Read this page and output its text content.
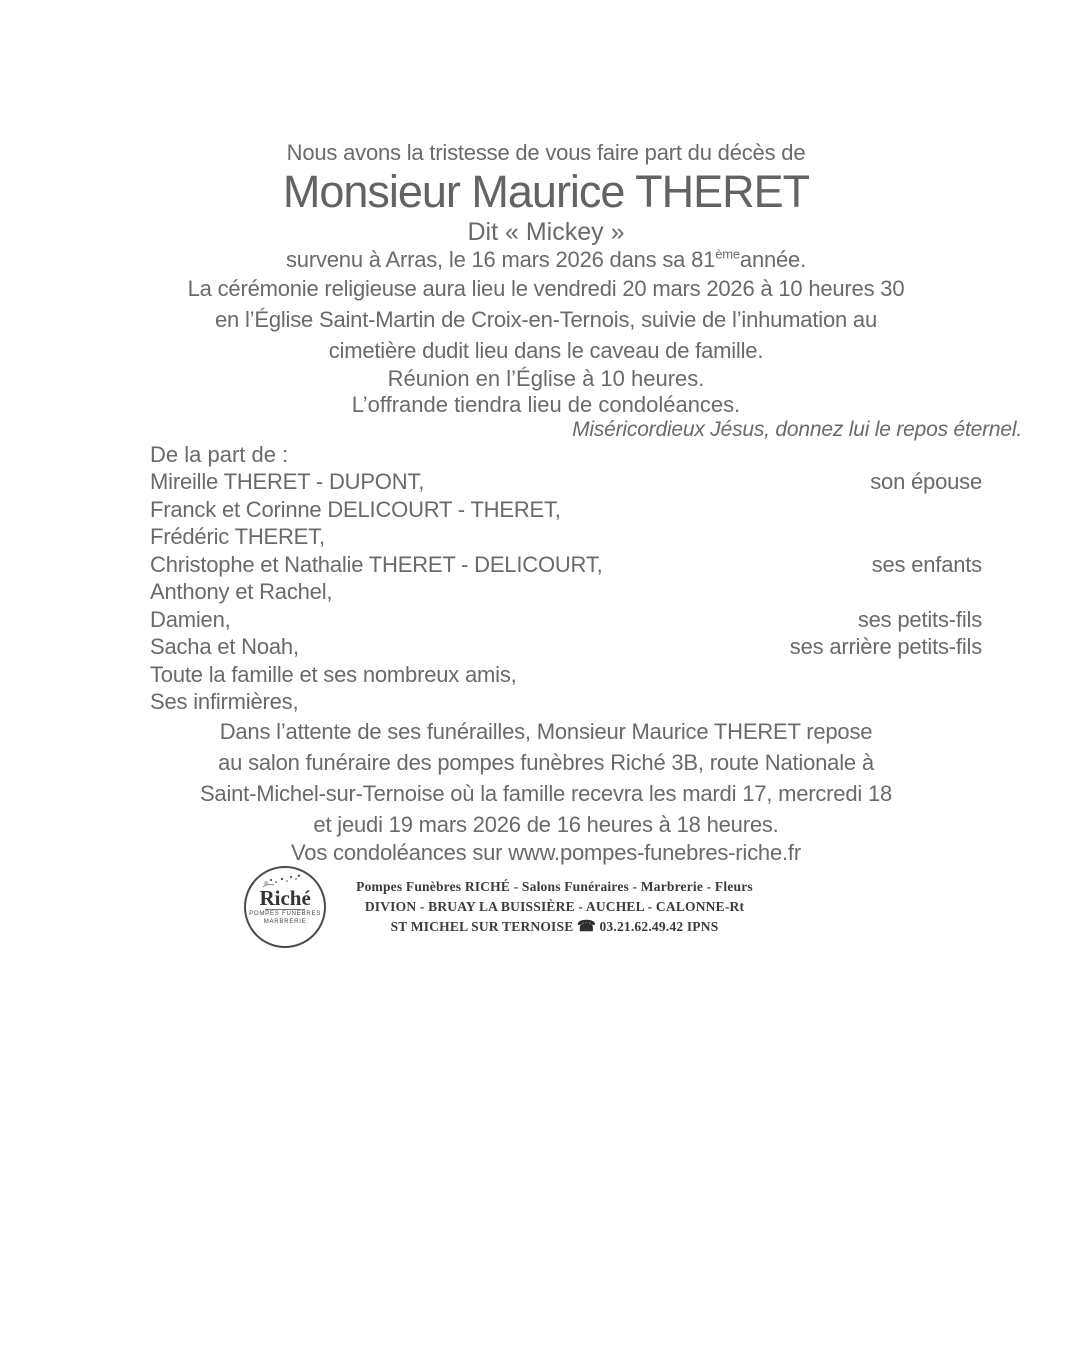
Nous avons la tristesse de vous faire part du décès de

Monsieur Maurice THERET

Dit « Mickey »

survenu à Arras, le 16 mars 2026 dans sa 81èmeannée.

La cérémonie religieuse aura lieu le vendredi 20 mars 2026 à 10 heures 30
en l’Église Saint-Martin de Croix-en-Ternois, suivie de l’inhumation au
cimetière dudit lieu dans le caveau de famille.

Réunion en l’Église à 10 heures.

L’offrande tiendra lieu de condoléances.

Miséricordieux Jésus, donnez lui le repos éternel.

De la part de :

Mireille THERET - DUPONT,	son épouse
Franck et Corinne DELICOURT - THERET,
Frédéric THERET,
Christophe et Nathalie THERET - DELICOURT,	ses enfants
Anthony et Rachel,
Damien,	ses petits-fils
Sacha et Noah,	ses arrière petits-fils
Toute la famille et ses nombreux amis,
Ses infirmières,
Dans l’attente de ses funérailles, Monsieur Maurice THERET repose
au salon funéraire des pompes funèbres Riché 3B, route Nationale à
Saint-Michel-sur-Ternoise où la famille recevra les mardi 17, mercredi 18
et jeudi 19 mars 2026 de 16 heures à 18 heures.

Vos condoléances sur www.pompes-funebres-riche.fr

Riché
POMPES FUNEBRES
MARBRERIE
Pompes Funèbres RICHÉ - Salons Funéraires - Marbrerie - Fleurs
DIVION - BRUAY LA BUISSIÈRE - AUCHEL - CALONNE-Rt
ST MICHEL SUR TERNOISE ☎ 03.21.62.49.42 IPNS
